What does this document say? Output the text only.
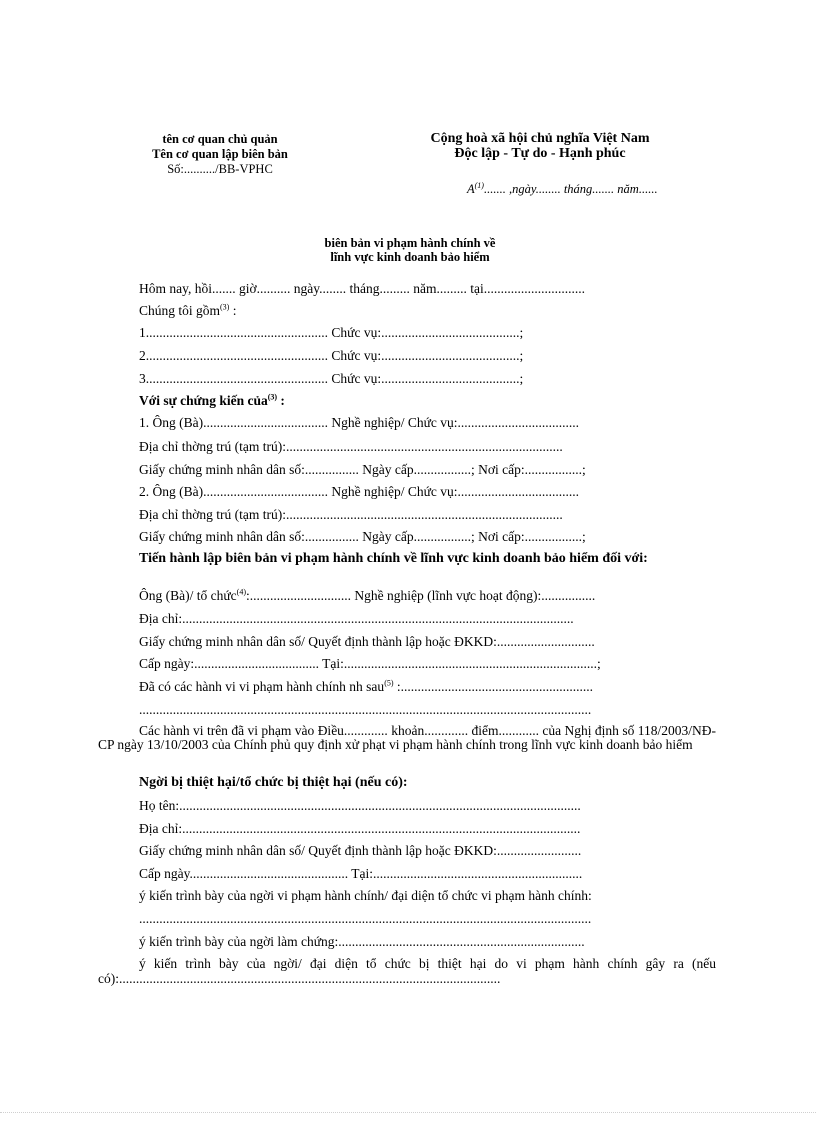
tên cơ quan chủ quản
Tên cơ quan lập biên bản
Số:........../BB-VPHC
Cộng hoà xã hội chủ nghĩa Việt Nam
Độc lập - Tự do - Hạnh phúc
$A^{(1)}$....... ,ngày........ tháng....... năm......
biên bản vi phạm hành chính về
lĩnh vực kinh doanh bảo hiểm
Hôm nay, hồi....... giờ.......... ngày........ tháng......... năm......... tại..............................
Chúng tôi gồm$^{(3)}$ :
1...................................................... Chức vụ:.........................................;
2...................................................... Chức vụ:.........................................;
3...................................................... Chức vụ:.........................................;
Với sự chứng kiến của$^{(3)}$ :
1. Ông (Bà)..................................... Nghề nghiệp/ Chức vụ:....................................
Địa chỉ thờng trú (tạm trú):..................................................................................
Giấy chứng minh nhân dân số:................ Ngày cấp.................; Nơi cấp:.................;
2. Ông (Bà)..................................... Nghề nghiệp/ Chức vụ:....................................
Địa chỉ thờng trú (tạm trú):..................................................................................
Giấy chứng minh nhân dân số:................ Ngày cấp.................; Nơi cấp:.................;
Tiến hành lập biên bản vi phạm hành chính về lĩnh vực kinh doanh bảo hiểm đối với:
Ông (Bà)/ tổ chức$^{(4)}$:.............................. Nghề nghiệp (lĩnh vực hoạt động):................
Địa chỉ:....................................................................................................................
Giấy chứng minh nhân dân số/ Quyết định thành lập hoặc ĐKKD:.............................
Cấp ngày:..................................... Tại:...........................................................................;
Đã có các hành vi vi phạm hành chính nh sau$^{(5)}$ :.........................................................
......................................................................................................................................
Các hành vi trên đã vi phạm vào Điều............. khoản............. điểm............ của Nghị định số 118/2003/NĐ-CP ngày 13/10/2003 của Chính phủ quy định xử phạt vi phạm hành chính trong lĩnh vực kinh doanh bảo hiểm
Ngời bị thiệt hại/tổ chức bị thiệt hại (nếu có):
Họ tên:.......................................................................................................................
Địa chỉ:......................................................................................................................
Giấy chứng minh nhân dân số/ Quyết định thành lập hoặc ĐKKD:.........................
Cấp ngày............................................... Tại:..............................................................
ý kiến trình bày của ngời vi phạm hành chính/ đại diện tổ chức vi phạm hành chính:
......................................................................................................................................
ý kiến trình bày của ngời làm chứng:.........................................................................
ý kiến trình bày của ngời/ đại diện tổ chức bị thiệt hại do vi phạm hành chính gây ra (nếu có):.................................................................................................................
